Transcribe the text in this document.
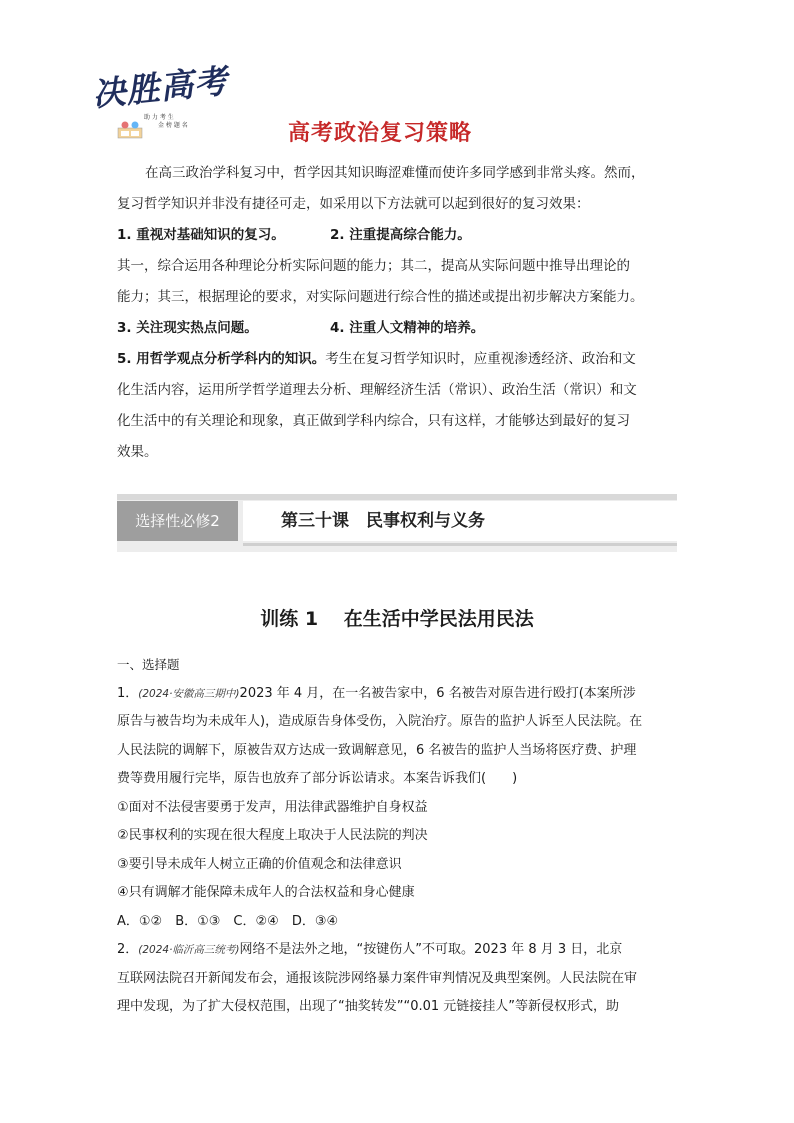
决胜高考
助 力 考 生
金 榜 题 名	高考政治复习策略
在高三政治学科复习中，哲学因其知识晦涩难懂而使许多同学感到非常头疼。然而，
复习哲学知识并非没有捷径可走，如采用以下方法就可以起到很好的复习效果：
1. 重视对基础知识的复习。	2. 注重提高综合能力。
其一，综合运用各种理论分析实际问题的能力；其二，提高从实际问题中推导出理论的
能力；其三，根据理论的要求，对实际问题进行综合性的描述或提出初步解决方案能力。
3. 关注现实热点问题。	4. 注重人文精神的培养。
5. 用哲学观点分析学科内的知识。考生在复习哲学知识时，应重视渗透经济、政治和文
化生活内容，运用所学哲学道理去分析、理解经济生活（常识）、政治生活（常识）和文
化生活中的有关理论和现象，真正做到学科内综合，只有这样，才能够达到最好的复习
效果。
选择性必修2	第三十课　民事权利与义务
训练 1　 在生活中学民法用民法
一、选择题
1．(2024·安徽高三期中)2023 年 4 月，在一名被告家中，6 名被告对原告进行殴打(本案所涉
原告与被告均为未成年人)，造成原告身体受伤，入院治疗。原告的监护人诉至人民法院。在
人民法院的调解下，原被告双方达成一致调解意见，6 名被告的监护人当场将医疗费、护理
费等费用履行完毕，原告也放弃了部分诉讼请求。本案告诉我们(　　)
①面对不法侵害要勇于发声，用法律武器维护自身权益
②民事权利的实现在很大程度上取决于人民法院的判决
③要引导未成年人树立正确的价值观念和法律意识
④只有调解才能保障未成年人的合法权益和身心健康
A．①②　B．①③　C．②④　D．③④
2．(2024·临沂高三统考)网络不是法外之地，“按键伤人”不可取。2023 年 8 月 3 日，北京
互联网法院召开新闻发布会，通报该院涉网络暴力案件审判情况及典型案例。人民法院在审
理中发现，为了扩大侵权范围，出现了“抽奖转发”“0.01 元链接挂人”等新侵权形式，助
